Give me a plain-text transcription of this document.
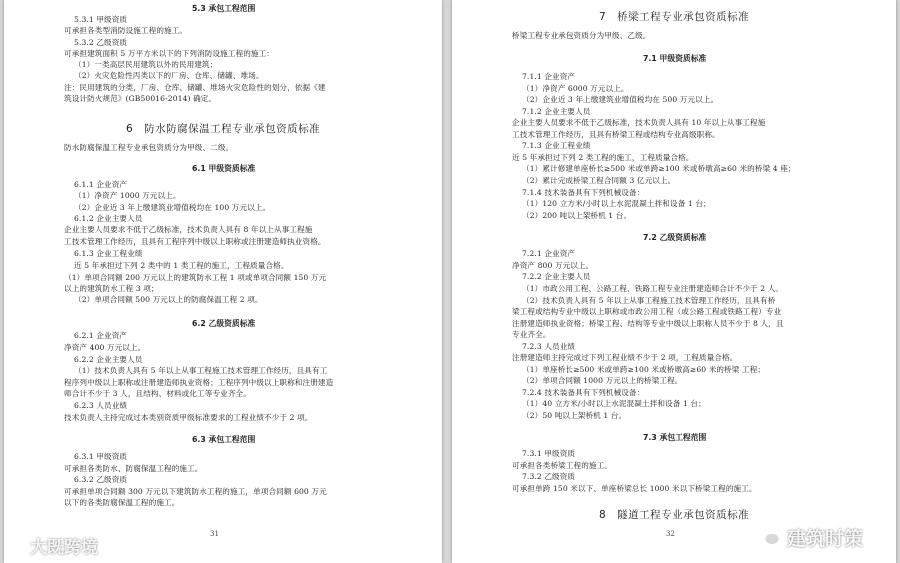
5.3 承包工程范围
5.3.1 甲级资质
可承担各类型消防设施工程的施工。
5.3.2 乙级资质
可承担建筑面积 5 万平方米以下的下列消防设施工程的施工：
（1）一类高层民用建筑以外的民用建筑；
（2）火灾危险性丙类以下的厂房、仓库、储罐、堆场。
注：民用建筑的分类，厂房、仓库、储罐、堆场火灾危险性的划分，依据《建
筑设计防火规范》(GB50016-2014) 确定。
6　防水防腐保温工程专业承包资质标准
防水防腐保温工程专业承包资质分为甲级、二级。
6.1 甲级资质标准
6.1.1 企业资产
（1）净资产 1000 万元以上。
（2）企业近 3 年上缴建筑业增值税均在 100 万元以上。
6.1.2 企业主要人员
企业主要人员要求不低于乙级标准，技术负责人具有 8 年以上从事工程施
工技术管理工作经历，且具有工程序列中级以上职称或注册建造师执业资格。
6.1.3 企业工程业绩
近 5 年承担过下列 2 类中的 1 类工程的施工，工程质量合格。
（1）单项合同额 200 万元以上的建筑防水工程 1 项或单项合同额 150 万元
以上的建筑防水工程 3 项；
（2）单项合同额 500 万元以上的防腐保温工程 2 项。
6.2 乙级资质标准
6.2.1 企业资产
净资产 400 万元以上。
6.2.2 企业主要人员
（1）技术负责人具有 5 年以上从事工程施工技术管理工作经历，且具有工
程序列中级以上职称或注册建造师执业资格；工程序列中级以上职称和注册建造
师合计不少于 3 人，且结构、材料或化工等专业齐全。
6.2.3 人员业绩
技术负责人主持完成过本类别资质甲级标准要求的工程业绩不少于 2 项。
6.3 承包工程范围
6.3.1 甲级资质
可承担各类防水、防腐保温工程的施工。
6.3.2 乙级资质
可承担单项合同额 300 万元以下建筑防水工程的施工，单项合同额 600 万元
以下的各类防腐保温工程的施工。
31
7　桥梁工程专业承包资质标准
桥梁工程专业承包资质分为甲级、乙级。
7.1 甲级资质标准
7.1.1 企业资产
（1）净资产 6000 万元以上。
（2）企业近 3 年上缴建筑业增值税均在 500 万元以上。
7.1.2 企业主要人员
企业主要人员要求不低于乙级标准，技术负责人具有 10 年以上从事工程施
工技术管理工作经历，且具有桥梁工程或结构专业高级职称。
7.1.3 企业工程业绩
近 5 年承担过下列 2 类工程的施工，工程质量合格。
（1）累计修建单座桥长≥500 米或单跨≥100 米或桥墩高≥60 米的桥梁 4 座；
（2）累计完成桥梁工程合同额 3 亿元以上。
7.1.4 技术装备具有下列机械设备：
（1）120 立方米/小时以上水泥混凝土拌和设备 1 台；
（2）200 吨以上架桥机 1 台。
7.2 乙级资质标准
7.2.1 企业资产
净资产 800 万元以上。
7.2.2 企业主要人员
（1）市政公用工程、公路工程、铁路工程专业注册建造师合计不少于 2 人。
（2）技术负责人具有 5 年以上从事工程施工技术管理工作经历，且具有桥
梁工程或结构专业中级以上职称或市政公用工程（或公路工程或铁路工程）专业
注册建造师执业资格；桥梁工程、结构等专业中级以上职称人员不少于 8 人，且
专业齐全。
7.2.3 人员业绩
注册建造师主持完成过下列工程业绩不少于 2 项，工程质量合格。
（1）单座桥长≥500 米或单跨≥100 米或桥墩高≥60 米的桥梁 工程；
（2）单项合同额 1000 万元以上的桥梁工程。
7.2.4 技术装备具有下列机械设备：
（1）40 立方米/小时以上水泥混凝土拌和设备 1 台；
（2）50 吨以上架桥机 1 台。
7.3 承包工程范围
7.3.1 甲级资质
可承担各类桥梁工程的施工。
7.3.2 乙级资质
可承担单跨 150 米以下、单座桥梁总长 1000 米以下桥梁工程的施工。
8　隧道工程专业承包资质标准
32
大既跨境	建筑时策
